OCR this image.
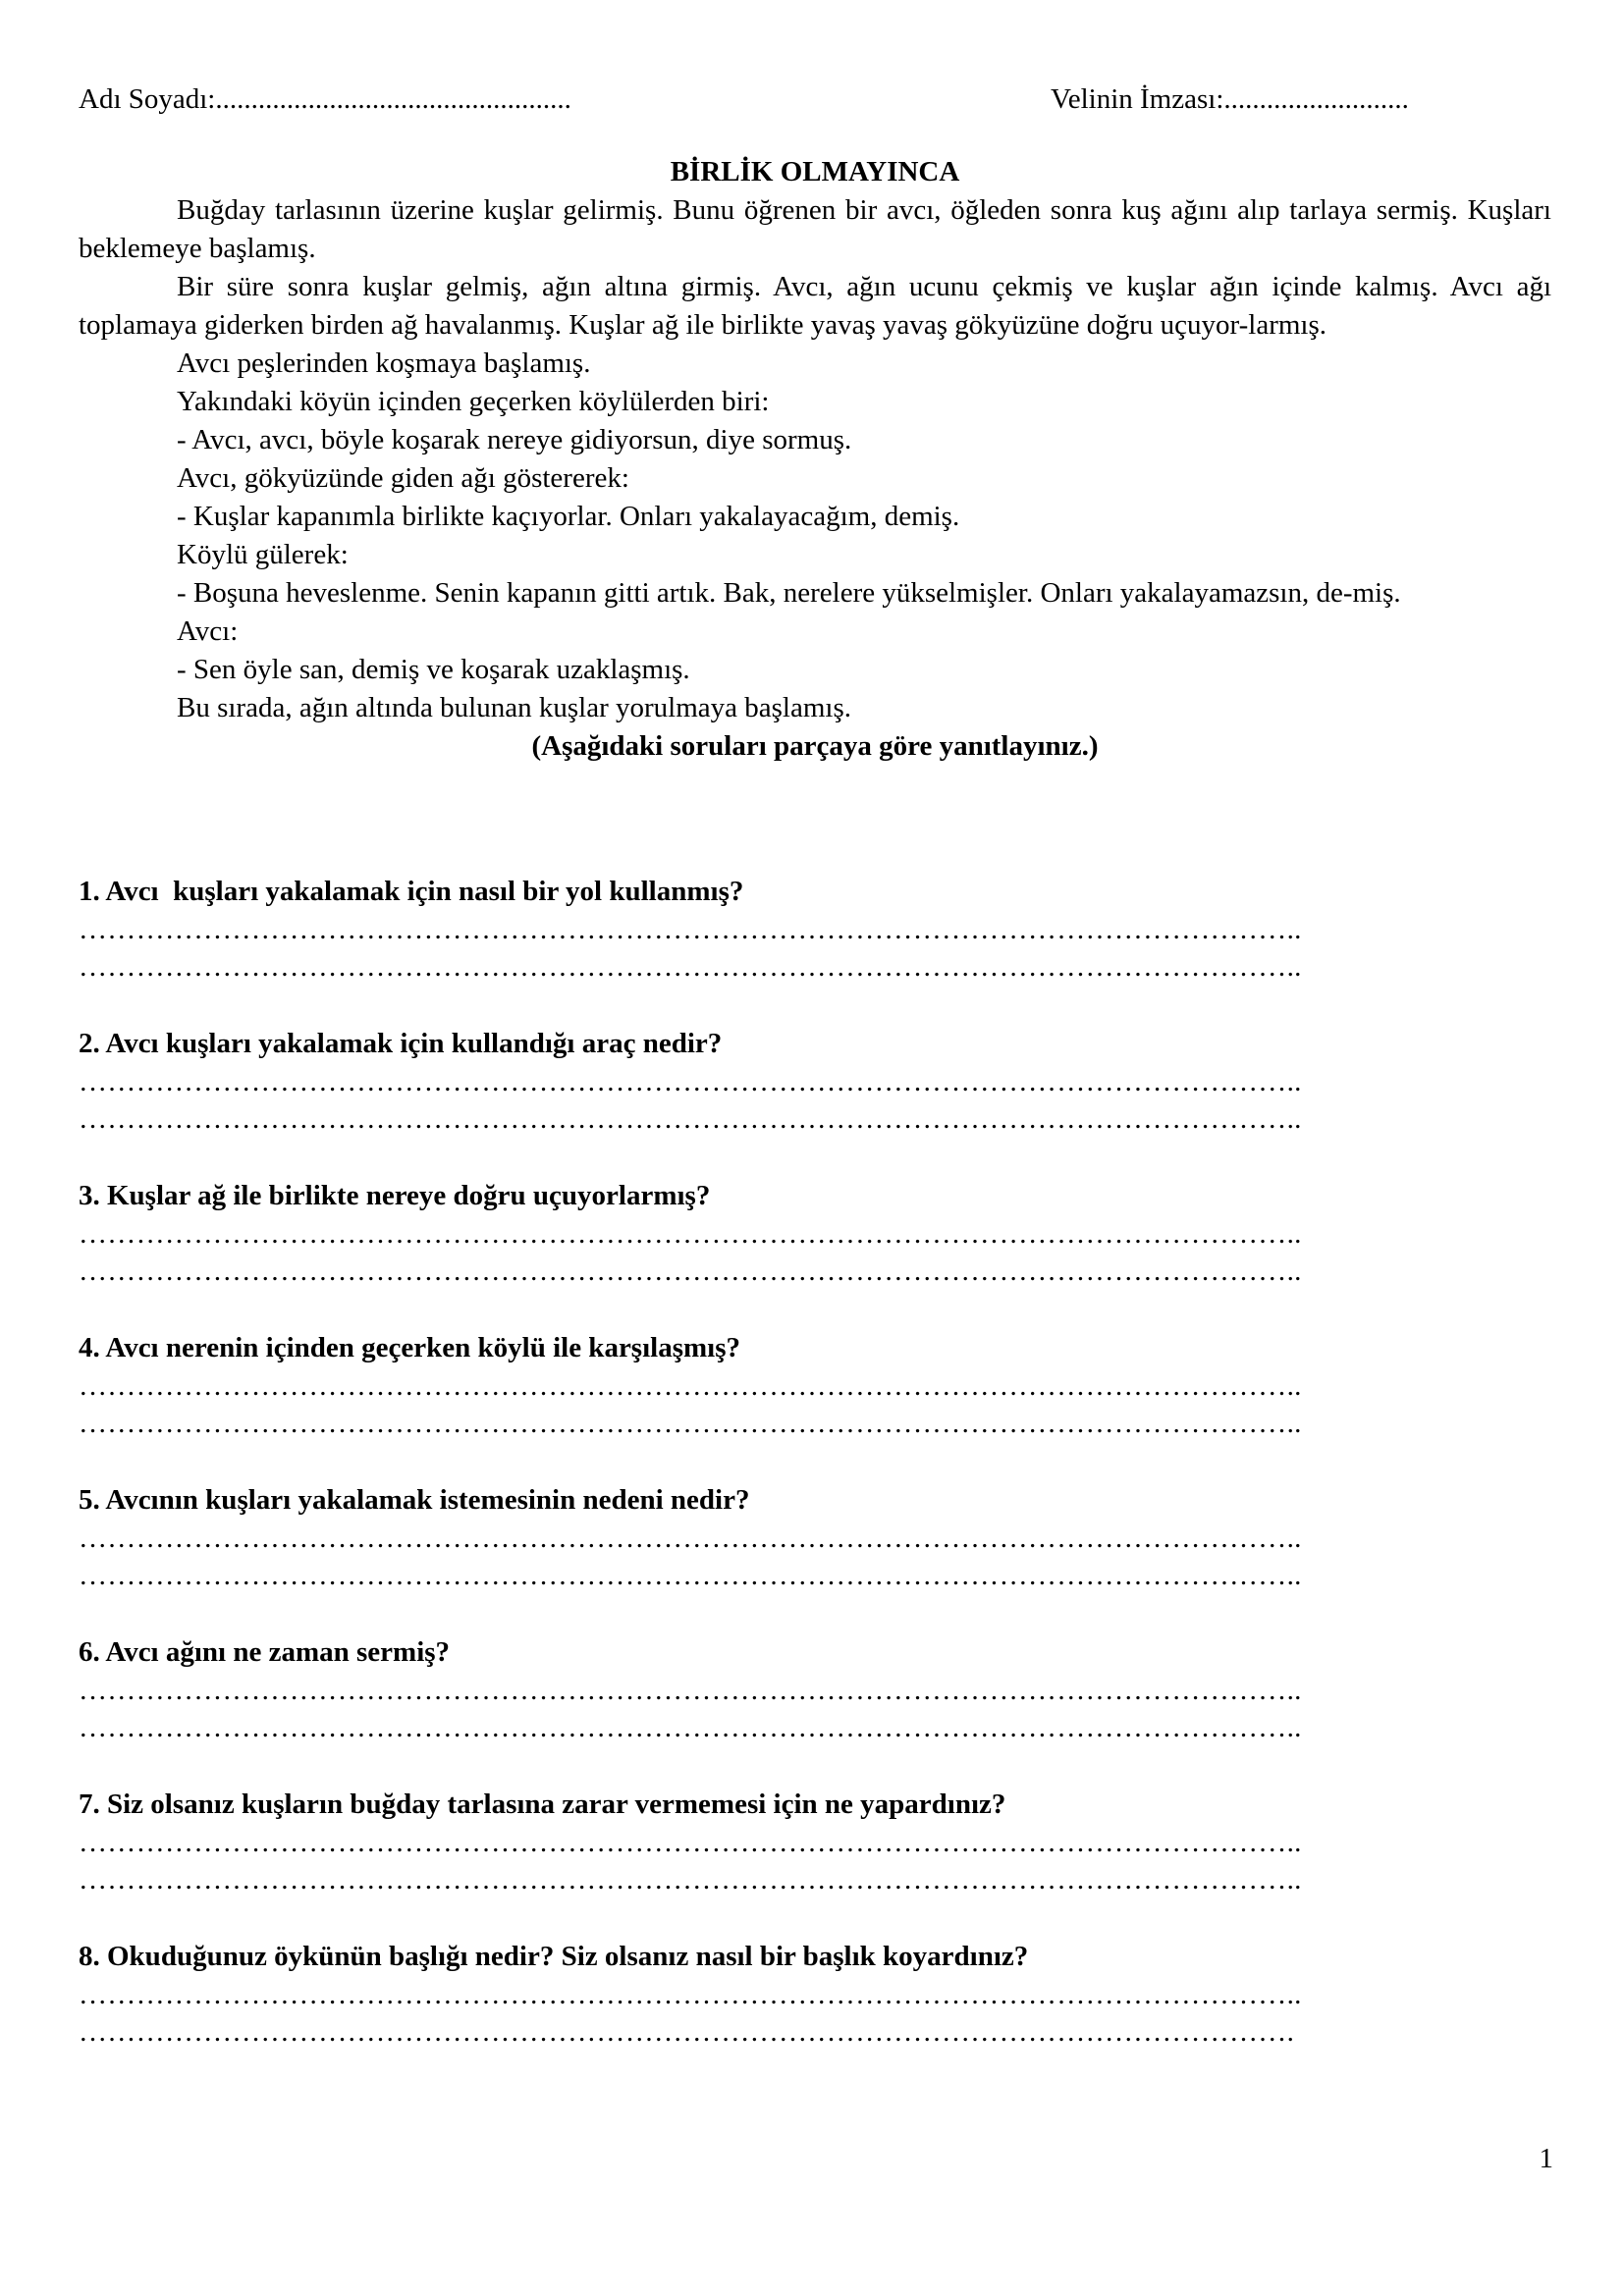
Adı Soyadı:..................................................	Velinin İmzası:..........................

BİRLİK OLMAYINCA

Buğday tarlasının üzerine kuşlar gelirmiş. Bunu öğrenen bir avcı, öğleden sonra kuş ağını alıp tarlaya sermiş. Kuşları beklemeye başlamış.

Bir süre sonra kuşlar gelmiş, ağın altına girmiş. Avcı, ağın ucunu çekmiş ve kuşlar ağın içinde kalmış. Avcı ağı toplamaya giderken birden ağ havalanmış. Kuşlar ağ ile birlikte yavaş yavaş gökyüzüne doğru uçuyor-larmış.

Avcı peşlerinden koşmaya başlamış.

Yakındaki köyün içinden geçerken köylülerden biri:

- Avcı, avcı, böyle koşarak nereye gidiyorsun, diye sormuş.

Avcı, gökyüzünde giden ağı göstererek:

- Kuşlar kapanımla birlikte kaçıyorlar. Onları yakalayacağım, demiş.

Köylü gülerek:

- Boşuna heveslenme. Senin kapanın gitti artık. Bak, nerelere yükselmişler. Onları yakalayamazsın, de-miş.

Avcı:

- Sen öyle san, demiş ve koşarak uzaklaşmış.

Bu sırada, ağın altında bulunan kuşlar yorulmaya başlamış.

(Aşağıdaki soruları parçaya göre yanıtlayınız.)

1. Avcı  kuşları yakalamak için nasıl bir yol kullanmış?
………………………………………………………………………………………………………………..
………………………………………………………………………………………………………………..
2. Avcı kuşları yakalamak için kullandığı araç nedir?
………………………………………………………………………………………………………………..
………………………………………………………………………………………………………………..
3. Kuşlar ağ ile birlikte nereye doğru uçuyorlarmış?
………………………………………………………………………………………………………………..
………………………………………………………………………………………………………………..
4. Avcı nerenin içinden geçerken köylü ile karşılaşmış?
………………………………………………………………………………………………………………..
………………………………………………………………………………………………………………..
5. Avcının kuşları yakalamak istemesinin nedeni nedir?
………………………………………………………………………………………………………………..
………………………………………………………………………………………………………………..
6. Avcı ağını ne zaman sermiş?
………………………………………………………………………………………………………………..
………………………………………………………………………………………………………………..
7. Siz olsanız kuşların buğday tarlasına zarar vermemesi için ne yapardınız?
………………………………………………………………………………………………………………..
………………………………………………………………………………………………………………..
8. Okuduğunuz öykünün başlığı nedir? Siz olsanız nasıl bir başlık koyardınız?
………………………………………………………………………………………………………………..
……………………………………………………………………………………………………………….
1
